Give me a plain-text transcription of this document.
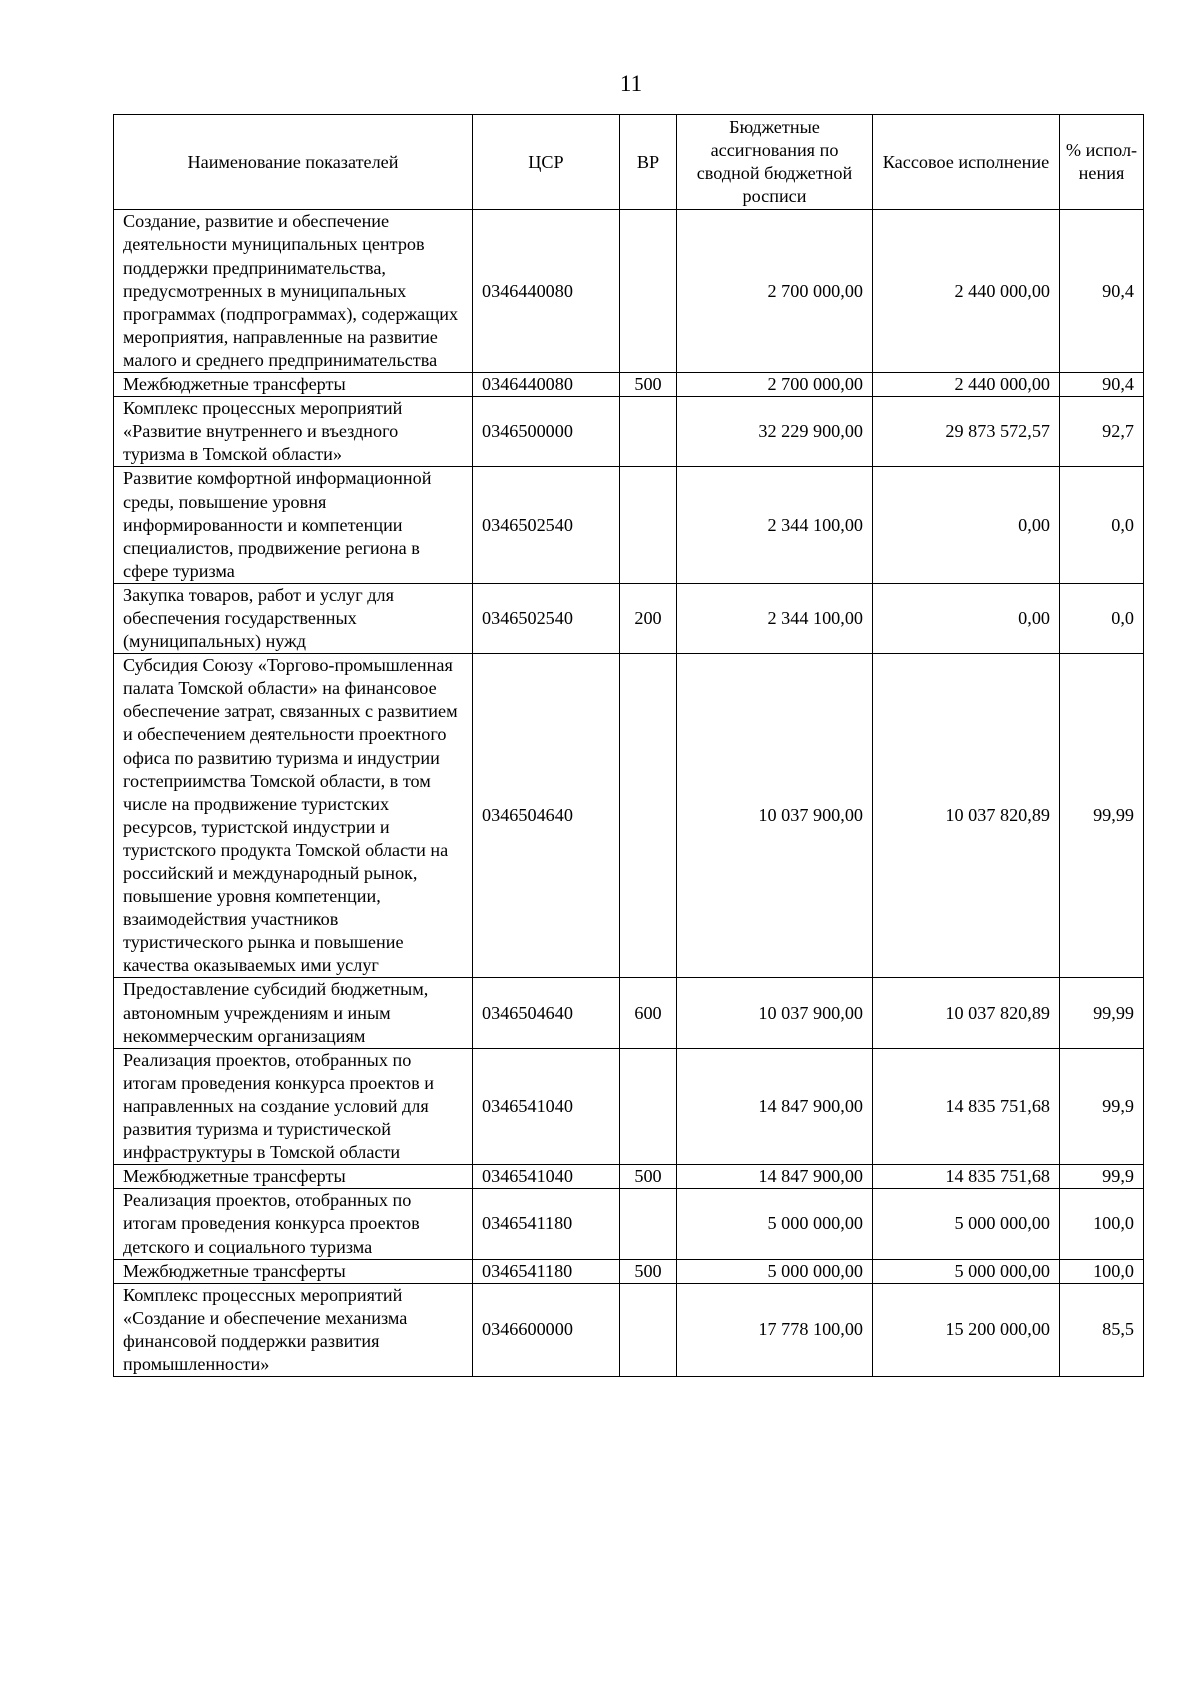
11
Наименование показателей	ЦСР	ВР	Бюджетные ассигнования по сводной бюджетной росписи	Кассовое исполнение	% испол-нения
Создание, развитие и обеспечение деятельности муниципальных центров поддержки предпринимательства, предусмотренных в муниципальных программах (подпрограммах), содержащих мероприятия, направленные на развитие малого и среднего предпринимательства	0346440080		2 700 000,00	2 440 000,00	90,4
Межбюджетные трансферты	0346440080	500	2 700 000,00	2 440 000,00	90,4
Комплекс процессных мероприятий «Развитие внутреннего и въездного туризма в Томской области»	0346500000		32 229 900,00	29 873 572,57	92,7
Развитие комфортной информационной среды, повышение уровня информированности и компетенции специалистов, продвижение региона в сфере туризма	0346502540		2 344 100,00	0,00	0,0
Закупка товаров, работ и услуг для обеспечения государственных (муниципальных) нужд	0346502540	200	2 344 100,00	0,00	0,0
Субсидия Союзу «Торгово-промышленная палата Томской области» на финансовое обеспечение затрат, связанных с развитием и обеспечением деятельности проектного офиса по развитию туризма и индустрии гостеприимства Томской области, в том числе на продвижение туристских ресурсов, туристской индустрии и туристского продукта Томской области на российский и международный рынок, повышение уровня компетенции, взаимодействия участников туристического рынка и повышение качества оказываемых ими услуг	0346504640		10 037 900,00	10 037 820,89	99,99
Предоставление субсидий бюджетным, автономным учреждениям и иным некоммерческим организациям	0346504640	600	10 037 900,00	10 037 820,89	99,99
Реализация проектов, отобранных по итогам проведения конкурса проектов и направленных на создание условий для развития туризма и туристической инфраструктуры в Томской области	0346541040		14 847 900,00	14 835 751,68	99,9
Межбюджетные трансферты	0346541040	500	14 847 900,00	14 835 751,68	99,9
Реализация проектов, отобранных по итогам проведения конкурса проектов детского и социального туризма	0346541180		5 000 000,00	5 000 000,00	100,0
Межбюджетные трансферты	0346541180	500	5 000 000,00	5 000 000,00	100,0
Комплекс процессных мероприятий «Создание и обеспечение механизма финансовой поддержки развития промышленности»	0346600000		17 778 100,00	15 200 000,00	85,5
